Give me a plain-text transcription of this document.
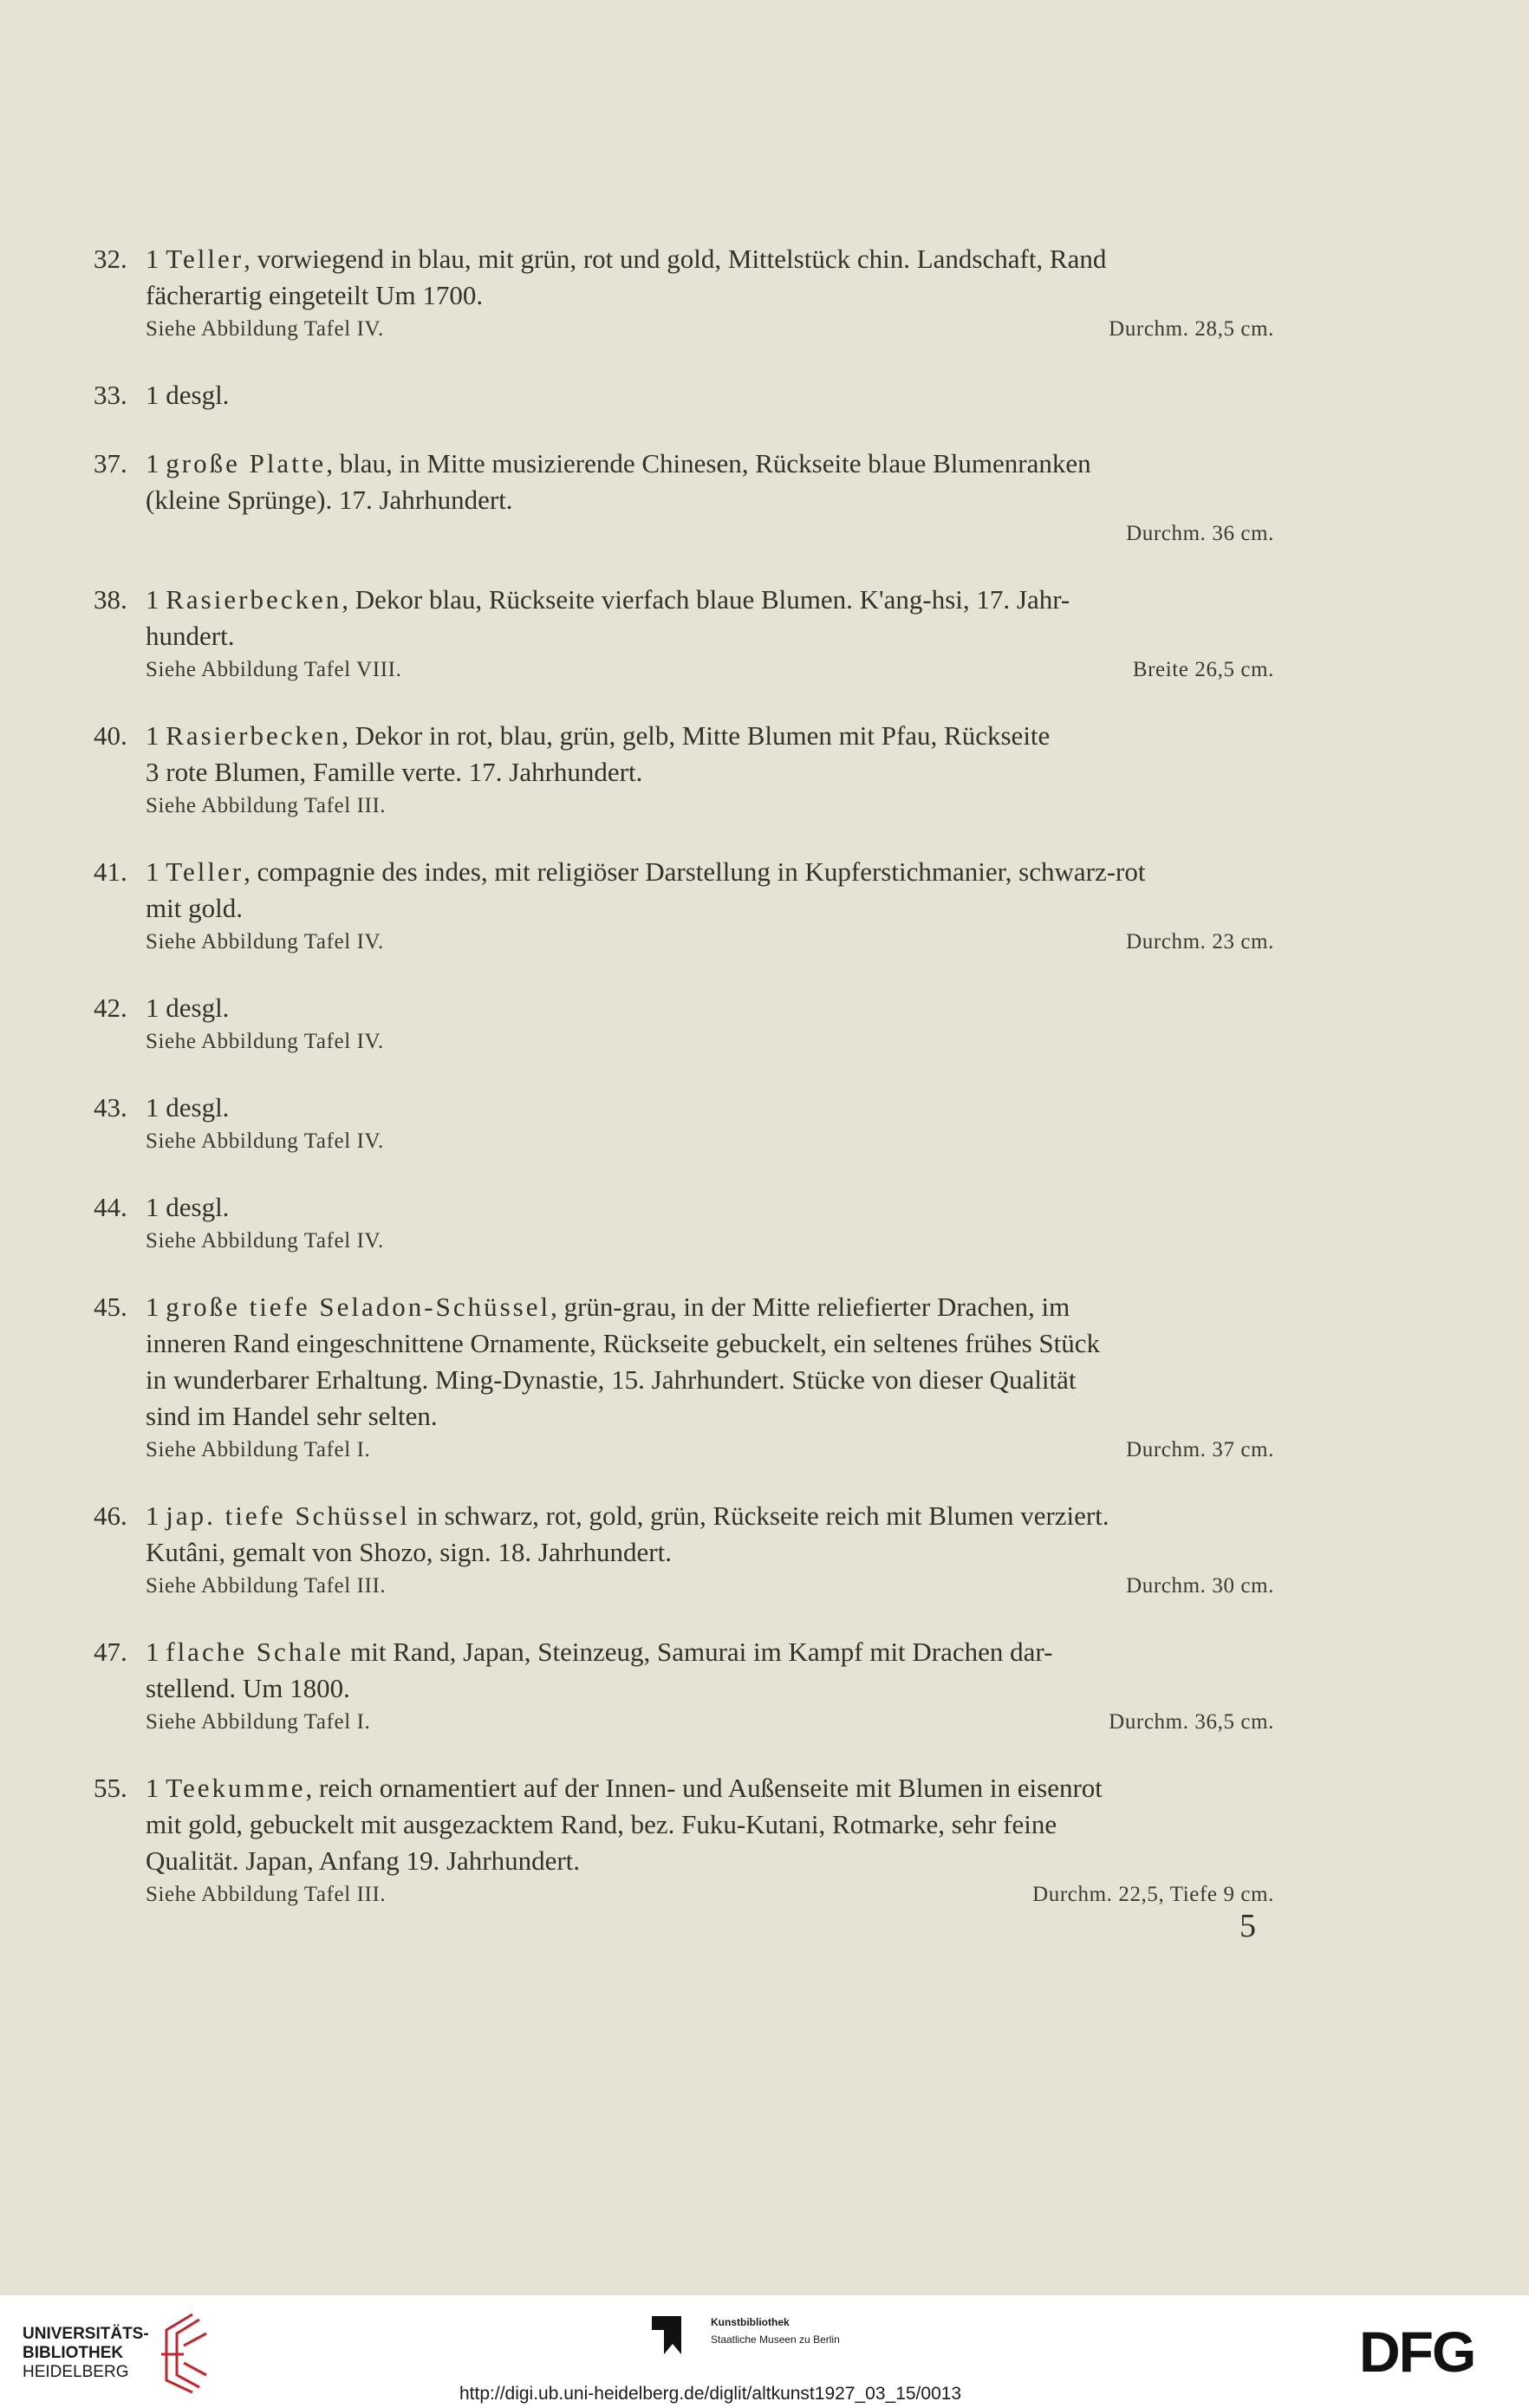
32. 1 Teller, vorwiegend in blau, mit grün, rot und gold, Mittelstück chin. Landschaft, Rand
fächerartig eingeteilt Um 1700.
Siehe Abbildung Tafel IV.	Durchm. 28,5 cm.
33. 1 desgl.
37. 1 große Platte, blau, in Mitte musizierende Chinesen, Rückseite blaue Blumenranken
(kleine Sprünge). 17. Jahrhundert.
Durchm. 36 cm.
38. 1 Rasierbecken, Dekor blau, Rückseite vierfach blaue Blumen. K'ang-hsi, 17. Jahr-
hundert.
Siehe Abbildung Tafel VIII.	Breite 26,5 cm.
40. 1 Rasierbecken, Dekor in rot, blau, grün, gelb, Mitte Blumen mit Pfau, Rückseite
3 rote Blumen, Famille verte. 17. Jahrhundert.
Siehe Abbildung Tafel III.
41. 1 Teller, compagnie des indes, mit religiöser Darstellung in Kupferstichmanier, schwarz-rot
mit gold.
Siehe Abbildung Tafel IV.	Durchm. 23 cm.
42. 1 desgl.
Siehe Abbildung Tafel IV.
43. 1 desgl.
Siehe Abbildung Tafel IV.
44. 1 desgl.
Siehe Abbildung Tafel IV.
45. 1 große tiefe Seladon-Schüssel, grün-grau, in der Mitte reliefierter Drachen, im
inneren Rand eingeschnittene Ornamente, Rückseite gebuckelt, ein seltenes frühes Stück
in wunderbarer Erhaltung. Ming-Dynastie, 15. Jahrhundert. Stücke von dieser Qualität
sind im Handel sehr selten.
Siehe Abbildung Tafel I.	Durchm. 37 cm.
46. 1 jap. tiefe Schüssel in schwarz, rot, gold, grün, Rückseite reich mit Blumen verziert.
Kutâni, gemalt von Shozo, sign. 18. Jahrhundert.
Siehe Abbildung Tafel III.	Durchm. 30 cm.
47. 1 flache Schale mit Rand, Japan, Steinzeug, Samurai im Kampf mit Drachen dar-
stellend. Um 1800.
Siehe Abbildung Tafel I.	Durchm. 36,5 cm.
55. 1 Teekumme, reich ornamentiert auf der Innen- und Außenseite mit Blumen in eisenrot
mit gold, gebuckelt mit ausgezacktem Rand, bez. Fuku-Kutani, Rotmarke, sehr feine
Qualität. Japan, Anfang 19. Jahrhundert.
Siehe Abbildung Tafel III.	Durchm. 22,5, Tiefe 9 cm.
5
UNIVERSITÄTS-
BIBLIOTHEK
HEIDELBERG
Kunstbibliothek
Staatliche Museen zu Berlin	DFG
http://digi.ub.uni-heidelberg.de/diglit/altkunst1927_03_15/0013
